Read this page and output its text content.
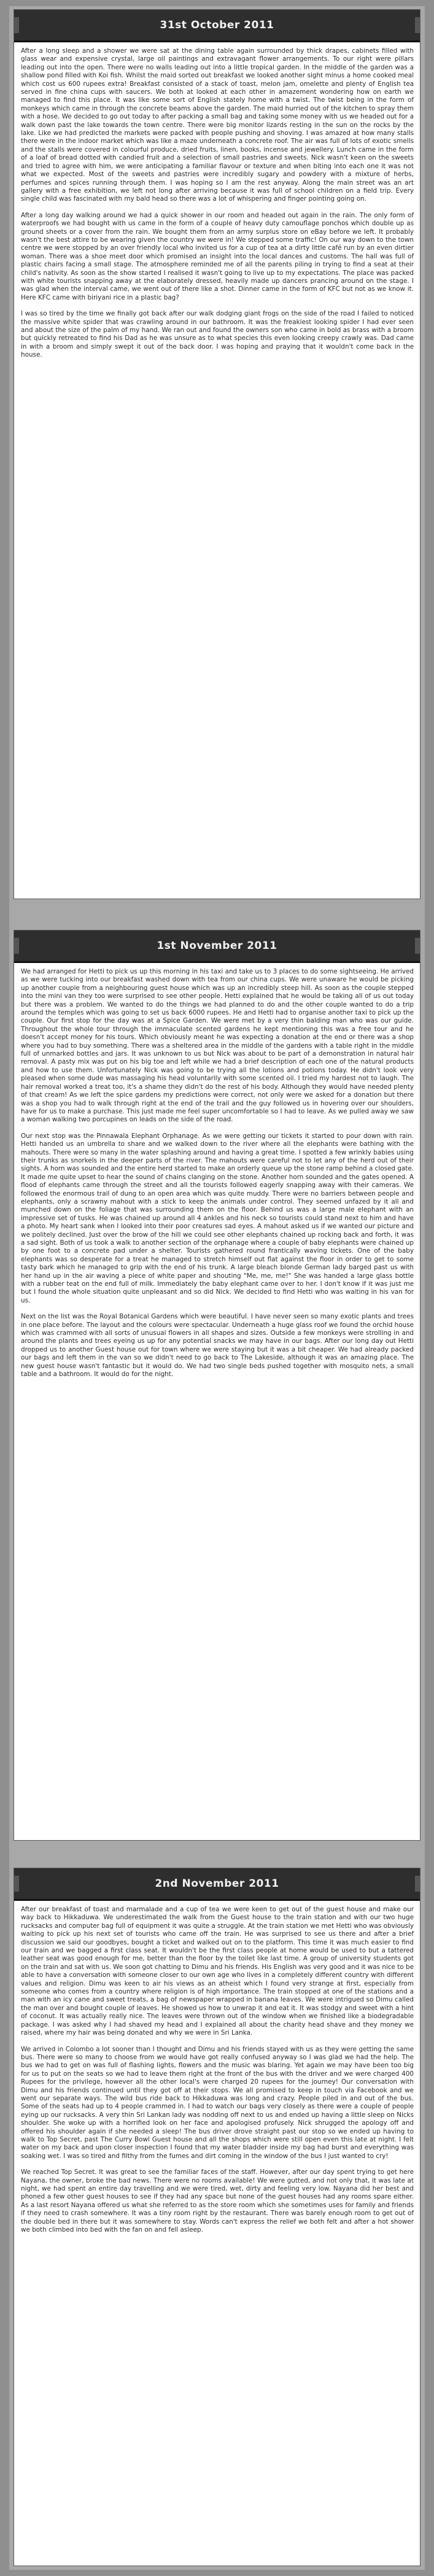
31st October 2011

After a long sleep and a shower we were sat at the dining table again surrounded by thick drapes, cabinets filled with glass wear and expensive crystal, large oil paintings and extravagant flower arrangements. To our right were pillars leading out into the open. There were no walls leading out into a little tropical garden. In the middle of the garden was a shallow pond filled with Koi fish. Whilst the maid sorted out breakfast we looked another sight minus a home cooked meal which cost us 600 rupees extra! Breakfast consisted of a stack of toast, melon jam, omelette and plenty of English tea served in fine china cups with saucers. We both at looked at each other in amazement wondering how on earth we managed to find this place. It was like some sort of English stately home with a twist. The twist being in the form of monkeys which came in through the concrete beams above the garden. The maid hurried out of the kitchen to spray them with a hose. We decided to go out today to after packing a small bag and taking some money with us we headed out for a walk down past the lake towards the town centre. There were big monitor lizards resting in the sun on the rocks by the lake. Like we had predicted the markets were packed with people pushing and shoving. I was amazed at how many stalls there were in the indoor market which was like a maze underneath a concrete roof. The air was full of lots of exotic smells and the stalls were covered in colourful produce, dried fruits, linen, books, incense and jewellery. Lunch came in the form of a loaf of bread dotted with candied fruit and a selection of small pastries and sweets. Nick wasn't keen on the sweets and tried to agree with him, we were anticipating a familiar flavour or texture and when biting into each one it was not what we expected. Most of the sweets and pastries were incredibly sugary and powdery with a mixture of herbs, perfumes and spices running through them. I was hoping so I am the rest anyway. Along the main street was an art gallery with a free exhibition, we left not long after arriving because it was full of school children on a field trip. Every single child was fascinated with my bald head so there was a lot of whispering and finger pointing going on.

After a long day walking around we had a quick shower in our room and headed out again in the rain. The only form of waterproofs we had bought with us came in the form of a couple of heavy duty camouflage ponchos which double up as ground sheets or a cover from the rain. We bought them from an army surplus store on eBay before we left. It probably wasn't the best attire to be wearing given the country we were in! We stepped some traffic! On our way down to the town centre we were stopped by an over friendly local who invited us for a cup of tea at a dirty little café run by an even dirtier woman. There was a shoe meet door which promised an insight into the local dances and customs. The hall was full of plastic chairs facing a small stage. The atmosphere reminded me of all the parents piling in trying to find a seat at their child's nativity. As soon as the show started I realised it wasn't going to live up to my expectations. The place was packed with white tourists snapping away at the elaborately dressed, heavily made up dancers prancing around on the stage. I was glad when the interval came, we went out of there like a shot. Dinner came in the form of KFC but not as we know it. Here KFC came with biriyani rice in a plastic bag?

I was so tired by the time we finally got back after our walk dodging giant frogs on the side of the road I failed to noticed the massive white spider that was crawling around in our bathroom. It was the freakiest looking spider I had ever seen and about the size of the palm of my hand. We ran out and found the owners son who came in bold as brass with a broom but quickly retreated to find his Dad as he was unsure as to what species this even looking creepy crawly was. Dad came in with a broom and simply swept it out of the back door. I was hoping and praying that it wouldn't come back in the house.

1st November 2011

We had arranged for Hetti to pick us up this morning in his taxi and take us to 3 places to do some sightseeing. He arrived as we were tucking into our breakfast washed down with tea from our china cups. We were unaware he would be picking up another couple from a neighbouring guest house which was up an incredibly steep hill. As soon as the couple stepped into the mini van they too were surprised to see other people. Hetti explained that he would be taking all of us out today but there was a problem. We wanted to do the things we had planned to do and the other couple wanted to do a trip around the temples which was going to set us back 6000 rupees. He and Hetti had to organise another taxi to pick up the couple. Our first stop for the day was at a Spice Garden. We were met by a very thin balding man who was our guide. Throughout the whole tour through the immaculate scented gardens he kept mentioning this was a free tour and he doesn't accept money for his tours. Which obviously meant he was expecting a donation at the end or there was a shop where you had to buy something. There was a sheltered area in the middle of the gardens with a table right in the middle full of unmarked bottles and jars. It was unknown to us but Nick was about to be part of a demonstration in natural hair removal. A pasty mix was put on his big toe and left while we had a brief description of each one of the natural products and how to use them. Unfortunately Nick was going to be trying all the lotions and potions today. He didn't look very pleased when some dude was massaging his head voluntarily with some scented oil. I tried my hardest not to laugh. The hair removal worked a treat too, it's a shame they didn't do the rest of his body. Although they would have needed plenty of that cream! As we left the spice gardens my predictions were correct, not only were we asked for a donation but there was a shop you had to walk through right at the end of the trail and the guy followed us in hovering over our shoulders, have for us to make a purchase. This just made me feel super uncomfortable so I had to leave. As we pulled away we saw a woman walking two porcupines on leads on the side of the road.

Our next stop was the Pinnawala Elephant Orphanage. As we were getting our tickets it started to pour down with rain. Hetti handed us an umbrella to share and we walked down to the river where all the elephants were bathing with the mahouts. There were so many in the water splashing around and having a great time. I spotted a few wrinkly babies using their trunks as snorkels in the deeper parts of the river. The mahouts were careful not to let any of the herd out of their sights. A horn was sounded and the entire herd started to make an orderly queue up the stone ramp behind a closed gate. It made me quite upset to hear the sound of chains clanging on the stone. Another horn sounded and the gates opened. A flood of elephants came through the street and all the tourists followed eagerly snapping away with their cameras. We followed the enormous trail of dung to an open area which was quite muddy. There were no barriers between people and elephants, only a scrawny mahout with a stick to keep the animals under control. They seemed unfazed by it all and munched down on the foliage that was surrounding them on the floor. Behind us was a large male elephant with an impressive set of tusks. He was chained up around all 4 ankles and his neck so tourists could stand next to him and have a photo. My heart sank when I looked into their poor creatures sad eyes. A mahout asked us if we wanted our picture and we politely declined. Just over the brow of the hill we could see other elephants chained up rocking back and forth, it was a sad sight. Both of us took a walk to another section of the orphanage where a couple of baby elephants were chained up by one foot to a concrete pad under a shelter. Tourists gathered round frantically waving tickets. One of the baby elephants was so desperate for a treat he managed to stretch himself out flat against the floor in order to get to some tasty bark which he managed to grip with the end of his trunk. A large bleach blonde German lady barged past us with her hand up in the air waving a piece of white paper and shouting "Me, me, me!" She was handed a large glass bottle with a rubber teat on the end full of milk. Immediately the baby elephant came over to her. I don't know if it was just me but I found the whole situation quite unpleasant and so did Nick. We decided to find Hetti who was waiting in his van for us.

Next on the list was the Royal Botanical Gardens which were beautiful. I have never seen so many exotic plants and trees in one place before. The layout and the colours were spectacular. Underneath a huge glass roof we found the orchid house which was crammed with all sorts of unusual flowers in all shapes and sizes. Outside a few monkeys were strolling in and around the plants and trees eyeing us up for any potential snacks we may have in our bags. After our long day out Hetti dropped us to another Guest house out for town where we were staying but it was a bit cheaper. We had already packed our bags and left them in the van so we didn't need to go back to The Lakeside, although it was an amazing place. The new guest house wasn't fantastic but it would do. We had two single beds pushed together with mosquito nets, a small table and a bathroom. It would do for the night.

2nd November 2011

After our breakfast of toast and marmalade and a cup of tea we were keen to get out of the guest house and make our way back to Hikkaduwa. We underestimated the walk from the Guest house to the train station and with our two huge rucksacks and computer bag full of equipment it was quite a struggle. At the train station we met Hetti who was obviously waiting to pick up his next set of tourists who came off the train. He was surprised to see us there and after a brief discussion we said our goodbyes, bought a ticket and walked out on to the platform. This time it was much easier to find our train and we bagged a first class seat. It wouldn't be the first class people at home would be used to but a tattered leather seat was good enough for me, better than the floor by the toilet like last time. A group of university students got on the train and sat with us. We soon got chatting to Dimu and his friends. His English was very good and it was nice to be able to have a conversation with someone closer to our own age who lives in a completely different country with different values and religion. Dimu was keen to air his views as an atheist which I found very strange at first, especially from someone who comes from a country where religion is of high importance. The train stopped at one of the stations and a man with an icy cane and sweet treats, a bag of newspaper wrapped in banana leaves. We were intrigued so Dimu called the man over and bought couple of leaves. He showed us how to unwrap it and eat it. It was stodgy and sweet with a hint of coconut. It was actually really nice. The leaves were thrown out of the window when we finished like a biodegradable package. I was asked why I had shaved my head and I explained all about the charity head shave and they money we raised, where my hair was being donated and why we were in Sri Lanka.

We arrived in Colombo a lot sooner than I thought and Dimu and his friends stayed with us as they were getting the same bus. There were so many to choose from we would have got really confused anyway so I was glad we had the help. The bus we had to get on was full of flashing lights, flowers and the music was blaring. Yet again we may have been too big for us to put on the seats so we had to leave them right at the front of the bus with the driver and we were charged 400 Rupees for the privilege, however all the other local's were charged 20 rupees for the journey! Our conversation with Dimu and his friends continued until they got off at their stops. We all promised to keep in touch via Facebook and we went our separate ways. The wild bus ride back to Hikkaduwa was long and crazy. People piled in and out of the bus. Some of the seats had up to 4 people crammed in. I had to watch our bags very closely as there were a couple of people eying up our rucksacks. A very thin Sri Lankan lady was nodding off next to us and ended up having a little sleep on Nicks shoulder. She woke up with a horrified look on her face and apologised profusely. Nick shrugged the apology off and offered his shoulder again if she needed a sleep! The bus driver drove straight past our stop so we ended up having to walk to Top Secret, past The Curry Bowl Guest house and all the shops which were still open even this late at night. I felt water on my back and upon closer inspection I found that my water bladder inside my bag had burst and everything was soaking wet. I was so tired and filthy from the fumes and dirt coming in the window of the bus I just wanted to cry!

We reached Top Secret. It was great to see the familiar faces of the staff. However, after our day spent trying to get here Nayana, the owner, broke the bad news. There were no rooms available! We were gutted, and not only that, it was late at night, we had spent an entire day travelling and we were tired, wet, dirty and feeling very low. Nayana did her best and phoned a few other guest houses to see if they had any space but none of the guest houses had any rooms spare either. As a last resort Nayana offered us what she referred to as the store room which she sometimes uses for family and friends if they need to crash somewhere. It was a tiny room right by the restaurant. There was barely enough room to get out of the double bed in there but it was somewhere to stay. Words can't express the relief we both felt and after a hot shower we both climbed into bed with the fan on and fell asleep.
